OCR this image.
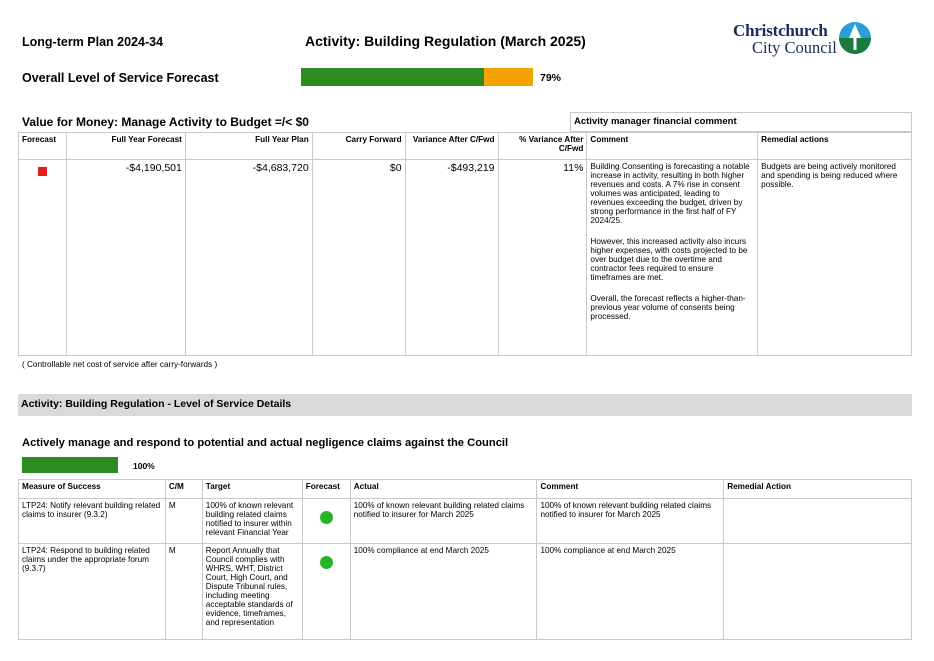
Long-term Plan 2024-34	Activity: Building Regulation (March 2025)
Christchurch
City Council
Overall Level of Service Forecast	79%
Value for Money: Manage Activity to Budget =/< $0	Activity manager financial comment
Forecast	Full Year Forecast	Full Year Plan	Carry Forward	Variance After C/Fwd	% Variance After C/Fwd	Comment	Remedial actions

	-$4,190,501	-$4,683,720	$0	-$493,219	11%	Building Consenting is forecasting a notable increase in activity, resulting in both higher revenues and costs. A 7% rise in consent volumes was anticipated, leading to revenues exceeding the budget, driven by strong performance in the first half of FY 2024/25.

However, this increased activity also incurs higher expenses, with costs projected to be over budget due to the overtime and contractor fees required to ensure timeframes are met.

Overall, the forecast reflects a higher-than-previous year volume of consents being processed.	Budgets are being actively monitored and spending is being reduced where possible.
( Controllable net cost of service after carry-forwards )
Activity: Building Regulation - Level of Service Details
Actively manage and respond to potential and actual negligence claims against the Council
100%
Measure of Success	C/M	Target	Forecast	Actual	Comment	Remedial Action
LTP24: Notify relevant building related claims to insurer (9.3.2)	M	100% of known relevant building related claims notified to insurer within relevant Financial Year		100% of known relevant building related claims notified to insurer for March 2025	100% of known relevant building related claims notified to insurer for March 2025	
LTP24: Respond to building related claims under the appropriate forum (9.3.7)	M	Report Annually that Council complies with WHRS, WHT, District Court, High Court, and Dispute Tribunal rules, including meeting acceptable standards of evidence, timeframes, and representation		100% compliance at end March 2025	100% compliance at end March 2025	
